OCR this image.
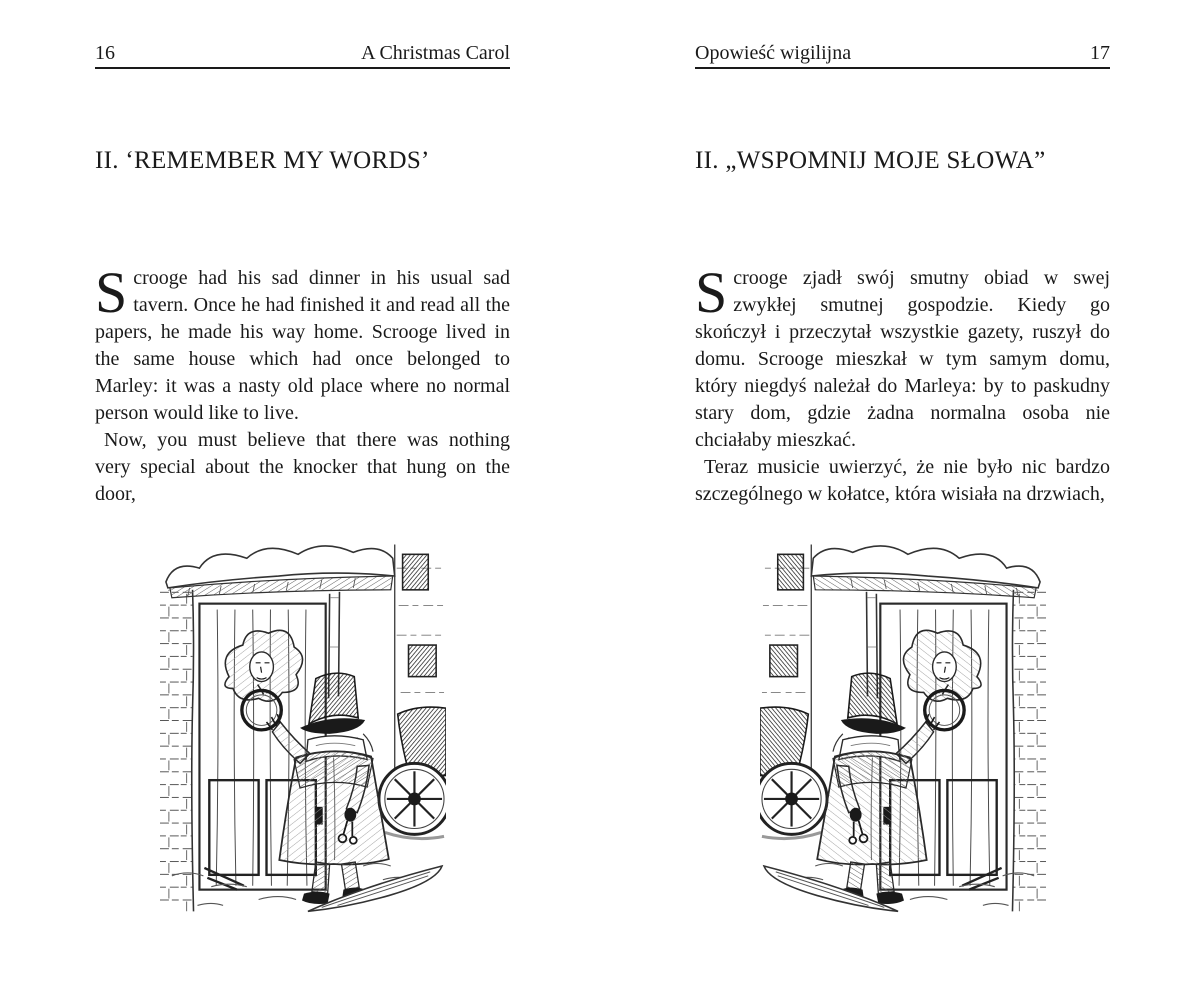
16	A Christmas Carol
II. ‘REMEMBER MY WORDS’

Scrooge had his sad dinner in his usual sad tavern. Once he had finished it and read all the papers, he made his way home. Scrooge lived in the same house which had once belonged to Marley: it was a nasty old place where no normal person would like to live.

Now, you must believe that there was nothing very special about the knocker that hung on the door,

Opowieść wigilijna	17
II. „WSPOMNIJ MOJE SŁOWA”

Scrooge zjadł swój smutny obiad w swej zwykłej smutnej gospodzie. Kiedy go skończył i przeczytał wszystkie gazety, ruszył do domu. Scrooge mieszkał w tym samym domu, który niegdyś należał do Marleya: by to paskudny stary dom, gdzie żadna normalna osoba nie chciałaby mieszkać.

Teraz musicie uwierzyć, że nie było nic bardzo szczególnego w kołatce, która wisiała na drzwiach,
